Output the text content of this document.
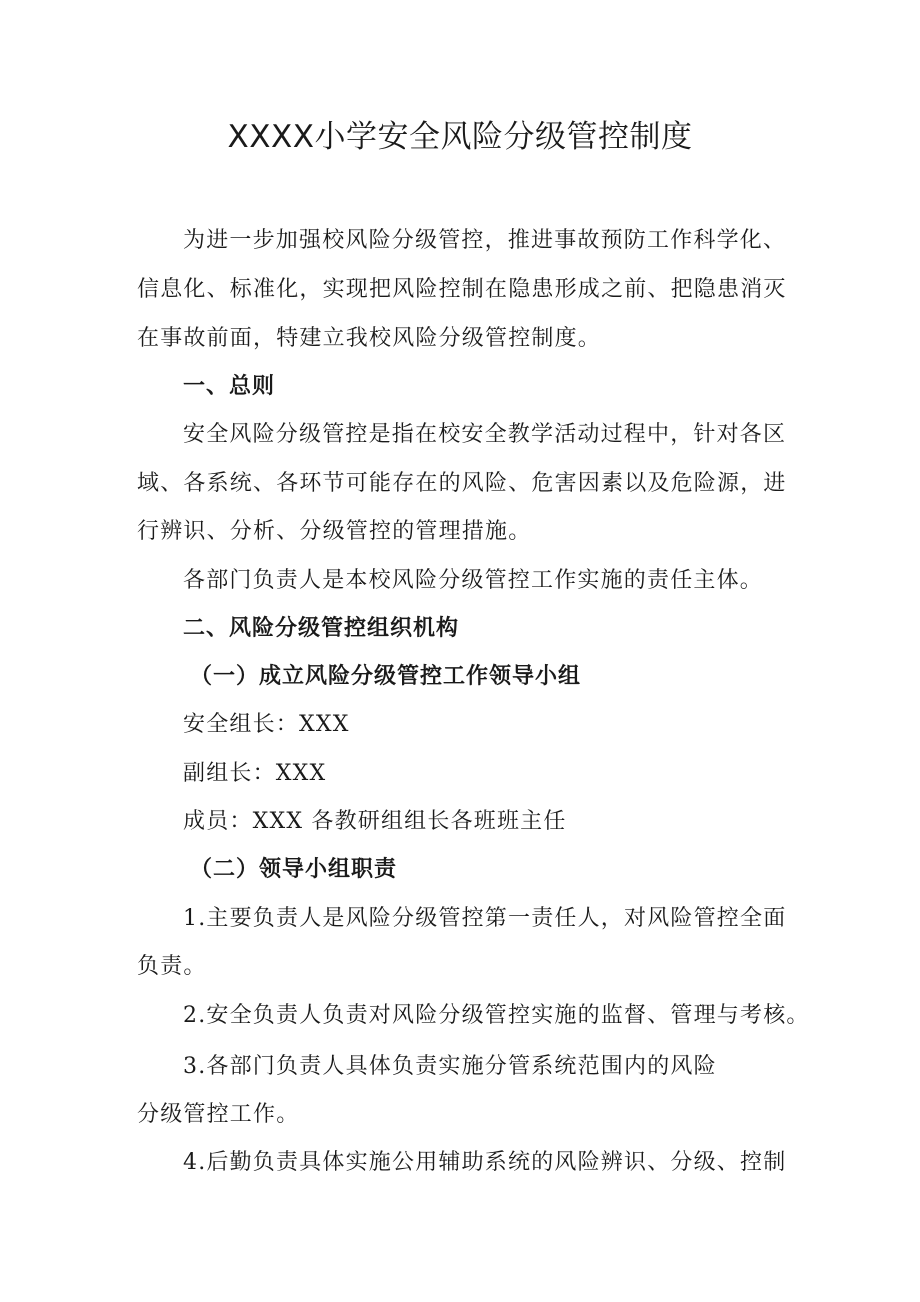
XXXX小学安全风险分级管控制度
为进一步加强校风险分级管控，推进事故预防工作科学化、
信息化、标准化，实现把风险控制在隐患形成之前、把隐患消灭
在事故前面，特建立我校风险分级管控制度。
一、总则
安全风险分级管控是指在校安全教学活动过程中，针对各区
域、各系统、各环节可能存在的风险、危害因素以及危险源，进
行辨识、分析、分级管控的管理措施。
各部门负责人是本校风险分级管控工作实施的责任主体。
二、风险分级管控组织机构
（一）成立风险分级管控工作领导小组
安全组长：XXX
副组长：XXX
成员：XXX 各教研组组长各班班主任
（二）领导小组职责
1.主要负责人是风险分级管控第一责任人，对风险管控全面
负责。
2.安全负责人负责对风险分级管控实施的监督、管理与考核。
3.各部门负责人具体负责实施分管系统范围内的风险
分级管控工作。
4.后勤负责具体实施公用辅助系统的风险辨识、分级、控制
